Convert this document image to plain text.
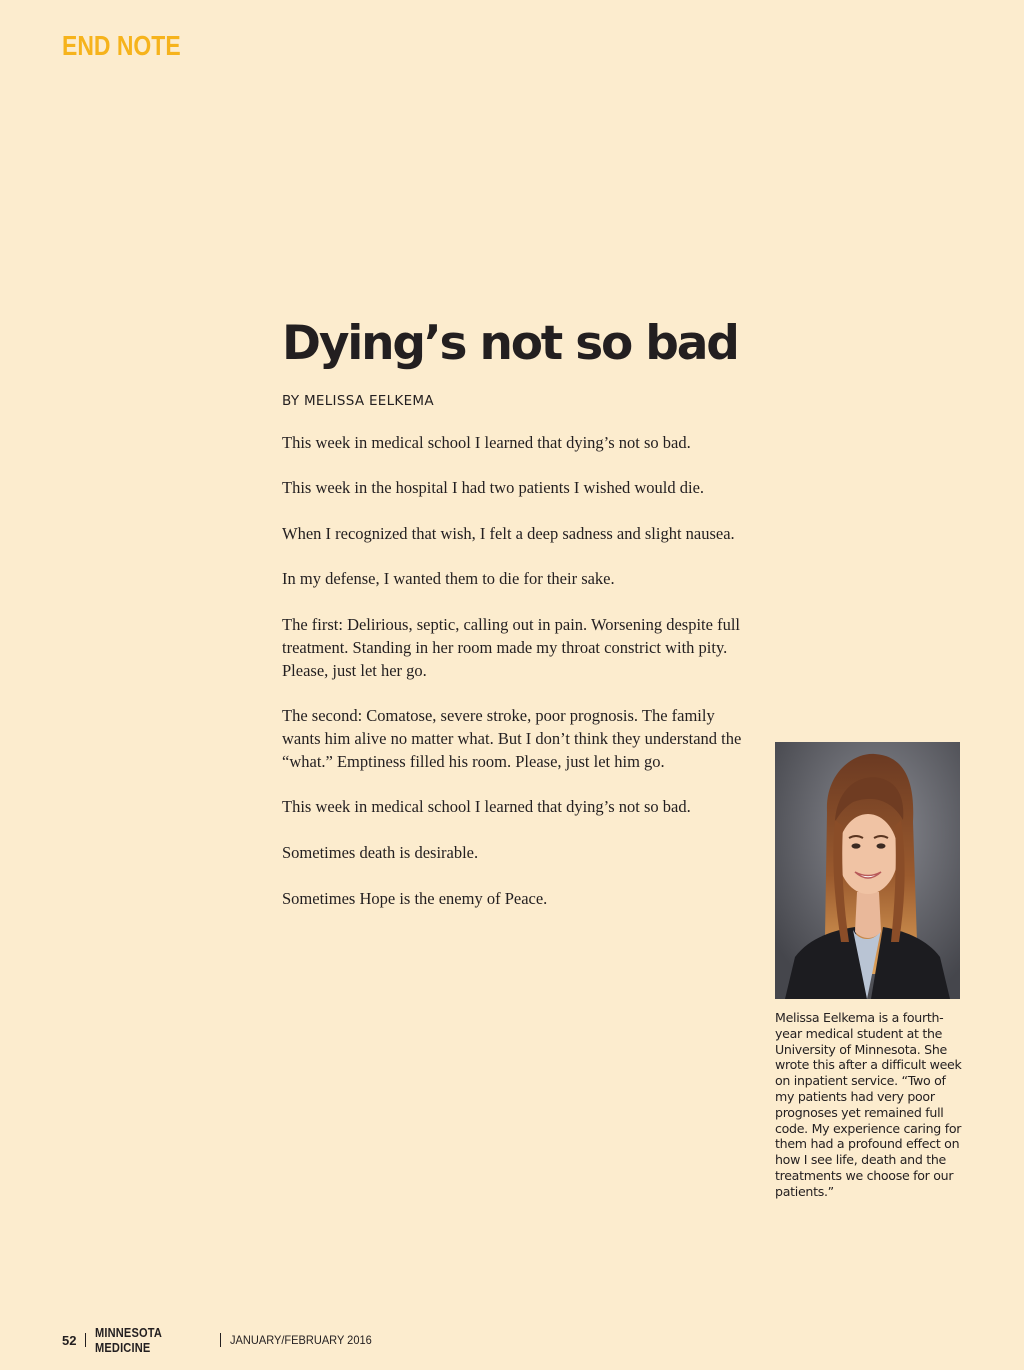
END NOTE
Dying’s not so bad
BY MELISSA EELKEMA

This week in medical school I learned that dying’s not so bad.

This week in the hospital I had two patients I wished would die.

When I recognized that wish, I felt a deep sadness and slight nausea.

In my defense, I wanted them to die for their sake.

The first: Delirious, septic, calling out in pain. Worsening despite full treatment. Standing in her room made my throat constrict with pity. Please, just let her go.

The second: Comatose, severe stroke, poor prognosis. The family wants him alive no matter what. But I don’t think they understand the “what.” Emptiness filled his room. Please, just let him go.

This week in medical school I learned that dying’s not so bad.

Sometimes death is desirable.

Sometimes Hope is the enemy of Peace.

Melissa Eelkema is a fourth-year medical student at the University of Minnesota. She wrote this after a difficult week on inpatient service. “Two of my patients had very poor prognoses yet remained full code. My experience caring for them had a profound effect on how I see life, death and the treatments we choose for our patients.”
52 MINNESOTA MEDICINE	JANUARY/FEBRUARY 2016
